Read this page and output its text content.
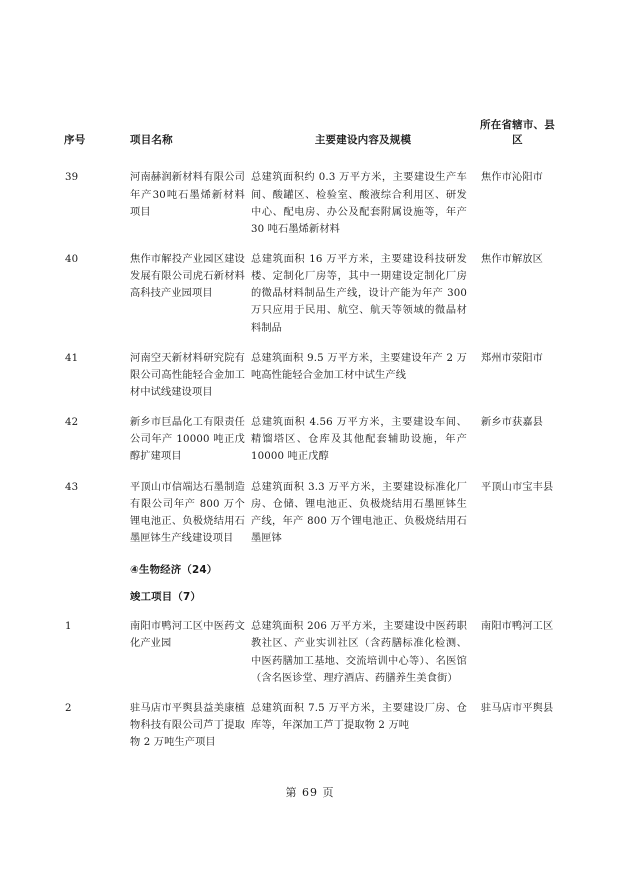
序号	项目名称	主要建设内容及规模	所在省辖市、县区
39	河南赫润新材料有限公司年产30吨石墨烯新材料项目	总建筑面积约 0.3 万平方米，主要建设生产车间、酸罐区、检验室、酸液综合利用区、研发中心、配电房、办公及配套附属设施等，年产 30 吨石墨烯新材料	焦作市沁阳市
40	焦作市解投产业园区建设发展有限公司虎石新材料高科技产业园项目	总建筑面积 16 万平方米，主要建设科技研发楼、定制化厂房等，其中一期建设定制化厂房的微晶材料制品生产线，设计产能为年产 300 万只应用于民用、航空、航天等领域的微晶材料制品	焦作市解放区
41	河南空天新材料研究院有限公司高性能轻合金加工材中试线建设项目	总建筑面积 9.5 万平方米，主要建设年产 2 万吨高性能轻合金加工材中试生产线	郑州市荥阳市
42	新乡市巨晶化工有限责任公司年产 10000 吨正戊醇扩建项目	总建筑面积 4.56 万平方米，主要建设车间、精馏塔区、仓库及其他配套辅助设施，年产 10000 吨正戊醇	新乡市获嘉县
43	平顶山市信端达石墨制造有限公司年产 800 万个锂电池正、负极烧结用石墨匣钵生产线建设项目	总建筑面积 3.3 万平方米，主要建设标准化厂房、仓储、锂电池正、负极烧结用石墨匣钵生产线，年产 800 万个锂电池正、负极烧结用石墨匣钵	平顶山市宝丰县
	④生物经济（24）		
	竣工项目（7）		
1	南阳市鸭河工区中医药文化产业园	总建筑面积 206 万平方米，主要建设中医药职教社区、产业实训社区（含药膳标准化检测、中医药膳加工基地、交流培训中心等）、名医馆（含名医诊堂、理疗酒店、药膳养生美食街）	南阳市鸭河工区
2	驻马店市平舆县益美康植物科技有限公司芦丁提取物 2 万吨生产项目	总建筑面积 7.5 万平方米，主要建设厂房、仓库等，年深加工芦丁提取物 2 万吨	驻马店市平舆县
第 69 页
